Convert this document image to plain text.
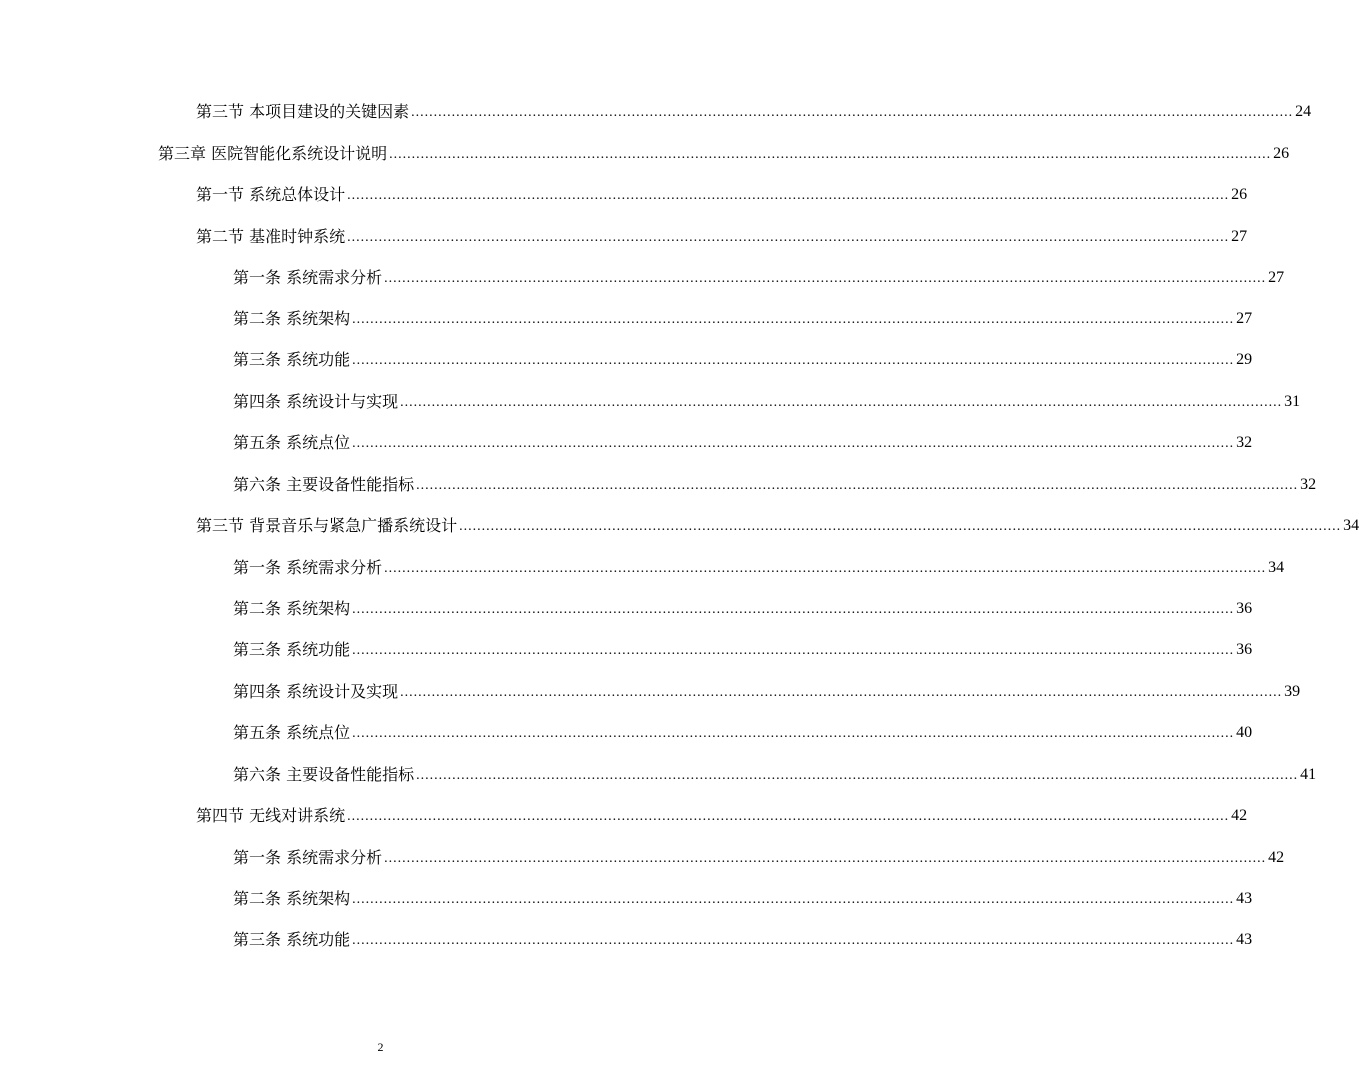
第三节 本项目建设的关键因素 .................................................................................................................................................................................................... 24
第三章 医院智能化系统设计说明 .................................................................................................................................................................................................... 26
第一节 系统总体设计 .................................................................................................................................................................................................... 26
第二节 基准时钟系统 .................................................................................................................................................................................................... 27
第一条 系统需求分析 .................................................................................................................................................................................................... 27
第二条 系统架构 .................................................................................................................................................................................................... 27
第三条 系统功能 .................................................................................................................................................................................................... 29
第四条 系统设计与实现 .................................................................................................................................................................................................... 31
第五条 系统点位 .................................................................................................................................................................................................... 32
第六条 主要设备性能指标 .................................................................................................................................................................................................... 32
第三节 背景音乐与紧急广播系统设计 .................................................................................................................................................................................................... 34
第一条 系统需求分析 .................................................................................................................................................................................................... 34
第二条 系统架构 .................................................................................................................................................................................................... 36
第三条 系统功能 .................................................................................................................................................................................................... 36
第四条 系统设计及实现 .................................................................................................................................................................................................... 39
第五条 系统点位 .................................................................................................................................................................................................... 40
第六条 主要设备性能指标 .................................................................................................................................................................................................... 41
第四节 无线对讲系统 .................................................................................................................................................................................................... 42
第一条 系统需求分析 .................................................................................................................................................................................................... 42
第二条 系统架构 .................................................................................................................................................................................................... 43
第三条 系统功能 .................................................................................................................................................................................................... 43
2
